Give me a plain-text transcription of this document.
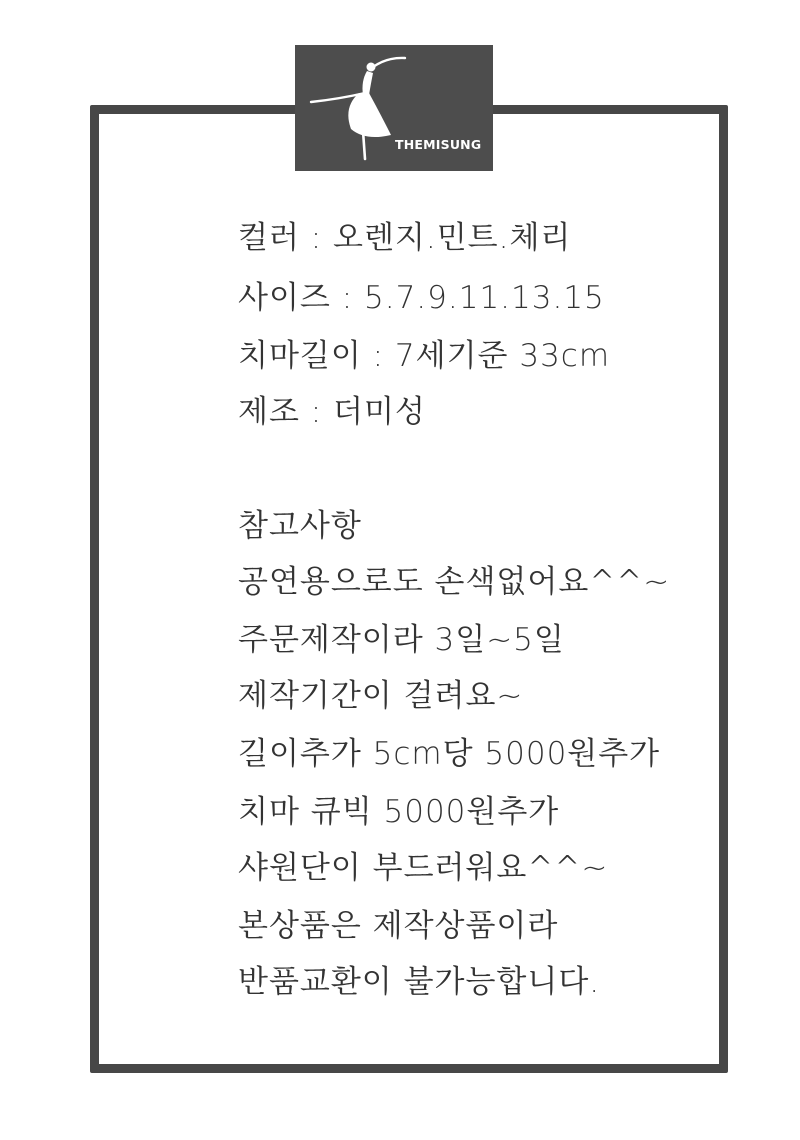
THEMISUNG
컬러 : 오렌지.민트.체리
사이즈 : 5.7.9.11.13.15
치마길이 : 7세기준 33cm
제조 : 더미성
참고사항
공연용으로도 손색없어요^^~
주문제작이라 3일~5일
제작기간이 걸려요~
길이추가 5cm당 5000원추가
치마 큐빅 5000원추가
샤원단이 부드러워요^^~
본상품은 제작상품이라
반품교환이 불가능합니다.
